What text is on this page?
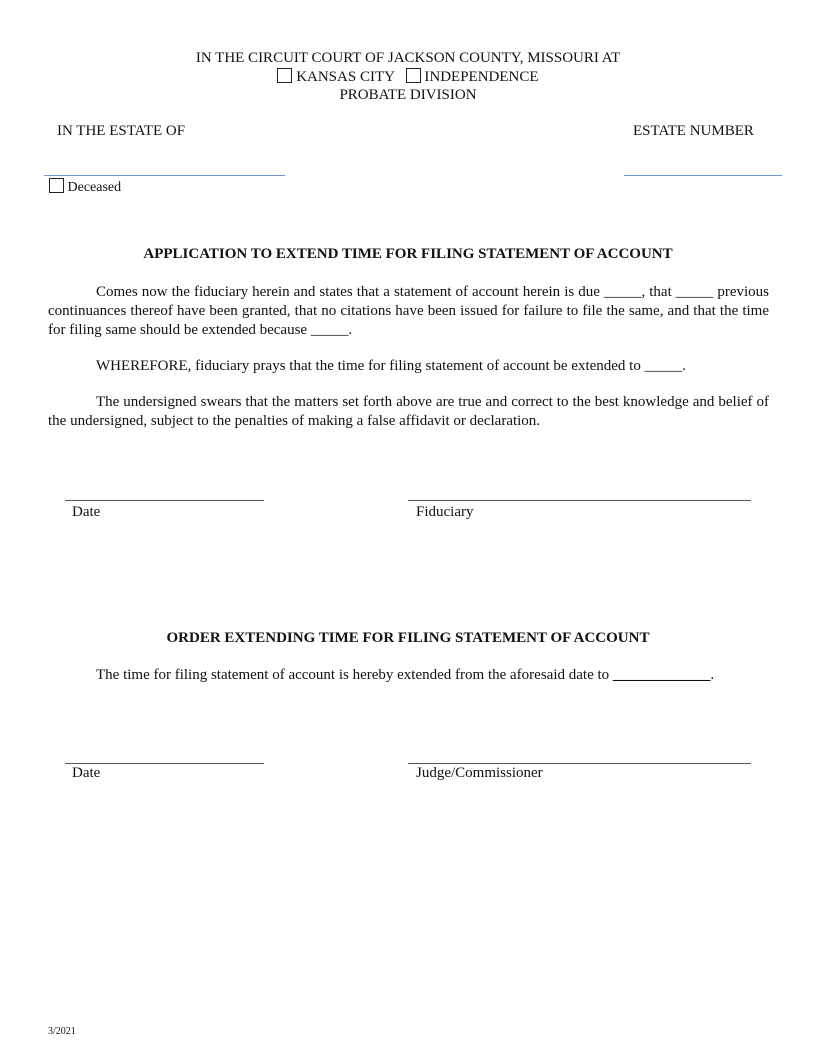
IN THE CIRCUIT COURT OF JACKSON COUNTY, MISSOURI AT
KANSAS CITY INDEPENDENCE
PROBATE DIVISION
IN THE ESTATE OF	ESTATE NUMBER
Deceased
APPLICATION TO EXTEND TIME FOR FILING STATEMENT OF ACCOUNT
Comes now the fiduciary herein and states that a statement of account herein is due _____, that _____ previous continuances thereof have been granted, that no citations have been issued for failure to file the same, and that the time for filing same should be extended because _____.
WHEREFORE, fiduciary prays that the time for filing statement of account be extended to _____.
The undersigned swears that the matters set forth above are true and correct to the best knowledge and belief of the undersigned, subject to the penalties of making a false affidavit or declaration.
Date	Fiduciary
ORDER EXTENDING TIME FOR FILING STATEMENT OF ACCOUNT
The time for filing statement of account is hereby extended from the aforesaid date to _____________.
Date	Judge/Commissioner
3/2021
